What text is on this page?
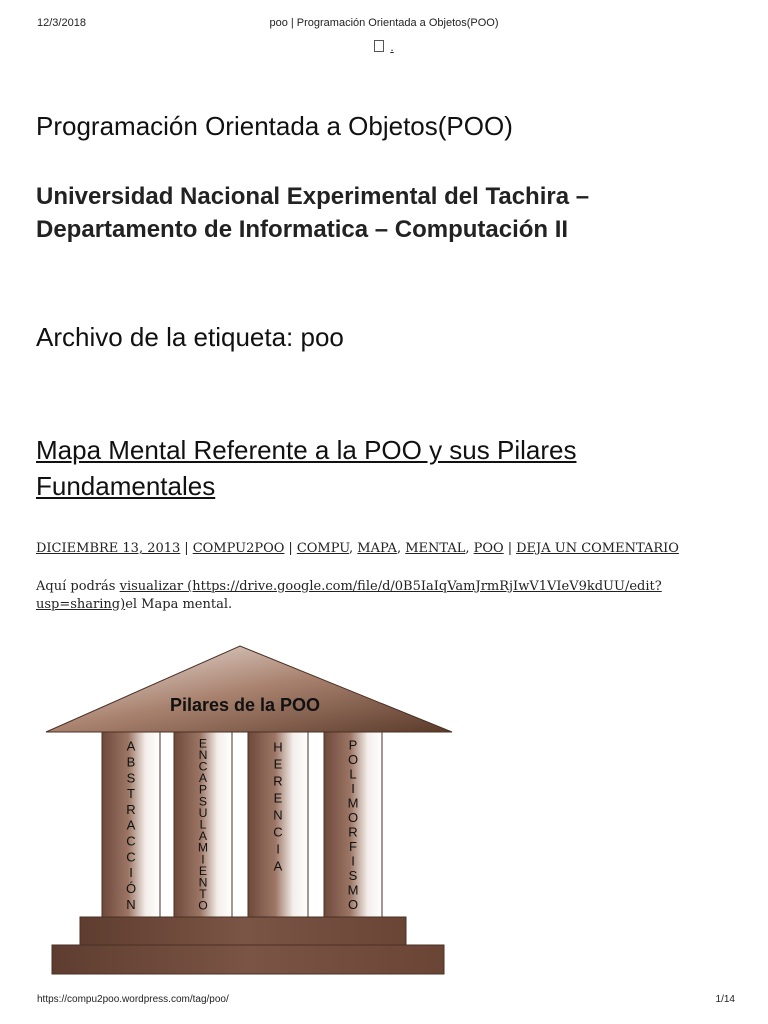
12/3/2018	poo | Programación Orientada a Objetos(POO)
.
Programación Orientada a Objetos(POO)
Universidad Nacional Experimental del Tachira – Departamento de Informatica – Computación II
Archivo de la etiqueta: poo
Mapa Mental Referente a la POO y sus Pilares Fundamentales
DICIEMBRE 13, 2013 | COMPU2POO | COMPU, MAPA, MENTAL, POO | DEJA UN COMENTARIO
Aquí podrás visualizar (https://drive.google.com/file/d/0B5IaIqVamJrmRjIwV1VIeV9kdUU/edit?usp=sharing)el Mapa mental.
Pilares de la POO
A B S T R A C C I Ó N
E N C A P S U L A M I E N T O
H E R E N C I A
P O L I M O R F I S M O
https://compu2poo.wordpress.com/tag/poo/	1/14
